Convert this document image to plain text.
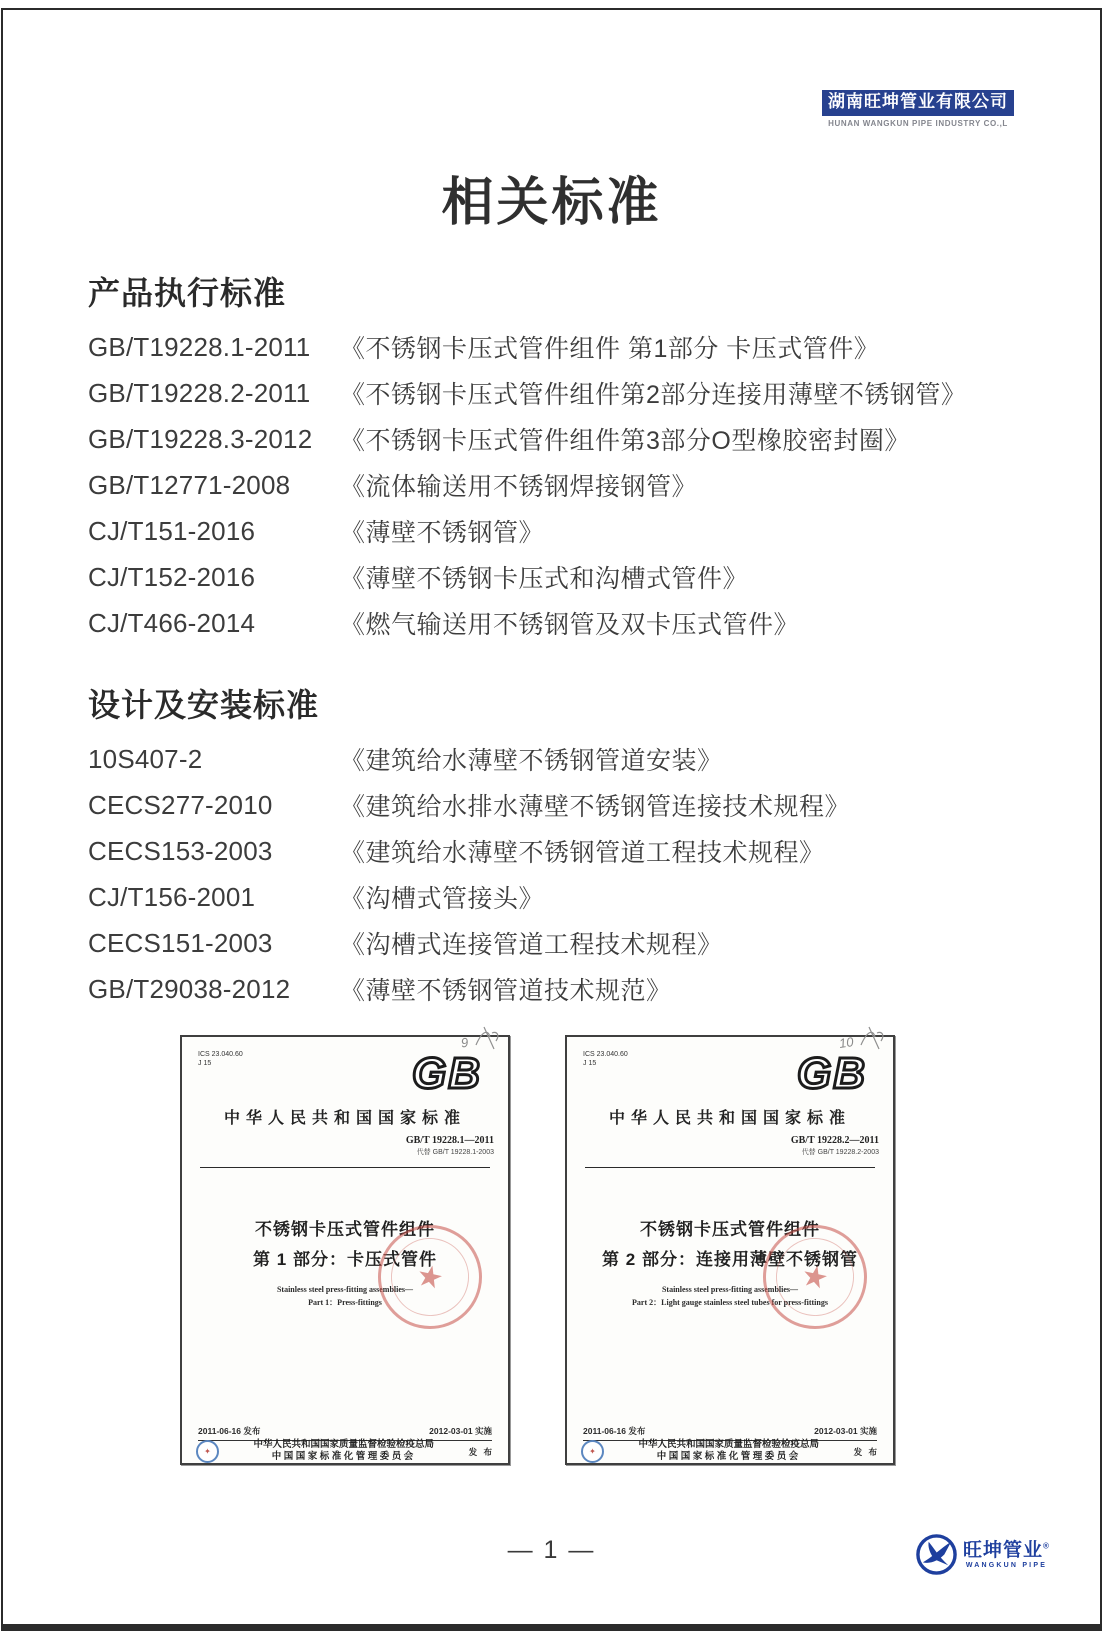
湖南旺坤管业有限公司
HUNAN WANGKUN PIPE INDUSTRY CO.,L
相关标准
产品执行标准
GB/T19228.1-2011	《不锈钢卡压式管件组件 第1部分 卡压式管件》
GB/T19228.2-2011	《不锈钢卡压式管件组件第2部分连接用薄壁不锈钢管》
GB/T19228.3-2012	《不锈钢卡压式管件组件第3部分O型橡胶密封圈》
GB/T12771-2008	《流体输送用不锈钢焊接钢管》
CJ/T151-2016	《薄壁不锈钢管》
CJ/T152-2016	《薄壁不锈钢卡压式和沟槽式管件》
CJ/T466-2014	《燃气输送用不锈钢管及双卡压式管件》
设计及安装标准
10S407-2	《建筑给水薄壁不锈钢管道安装》
CECS277-2010	《建筑给水排水薄壁不锈钢管连接技术规程》
CECS153-2003	《建筑给水薄壁不锈钢管道工程技术规程》
CJ/T156-2001	《沟槽式管接头》
CECS151-2003	《沟槽式连接管道工程技术规程》
GB/T29038-2012	《薄壁不锈钢管道技术规范》
ICS 23.040.60
J 15
9
GB
中华人民共和国国家标准
GB/T 19228.1—2011
代替 GB/T 19228.1-2003
不锈钢卡压式管件组件
第 1 部分：卡压式管件
Stainless steel press-fitting assemblies—
Part 1：Press-fittings
★
2011-06-16 发布	2012-03-01 实施
✦
中华人民共和国国家质量监督检验检疫总局
中国国家标准化管理委员会	发 布
ICS 23.040.60
J 15
10
GB
中华人民共和国国家标准
GB/T 19228.2—2011
代替 GB/T 19228.2-2003
不锈钢卡压式管件组件
第 2 部分：连接用薄壁不锈钢管
Stainless steel press-fitting assemblies—
Part 2：Light gauge stainless steel tubes for press-fittings
★
2011-06-16 发布	2012-03-01 实施
✦
中华人民共和国国家质量监督检验检疫总局
中国国家标准化管理委员会	发 布
— 1 —	旺坤管业®
WANGKUN PIPE
